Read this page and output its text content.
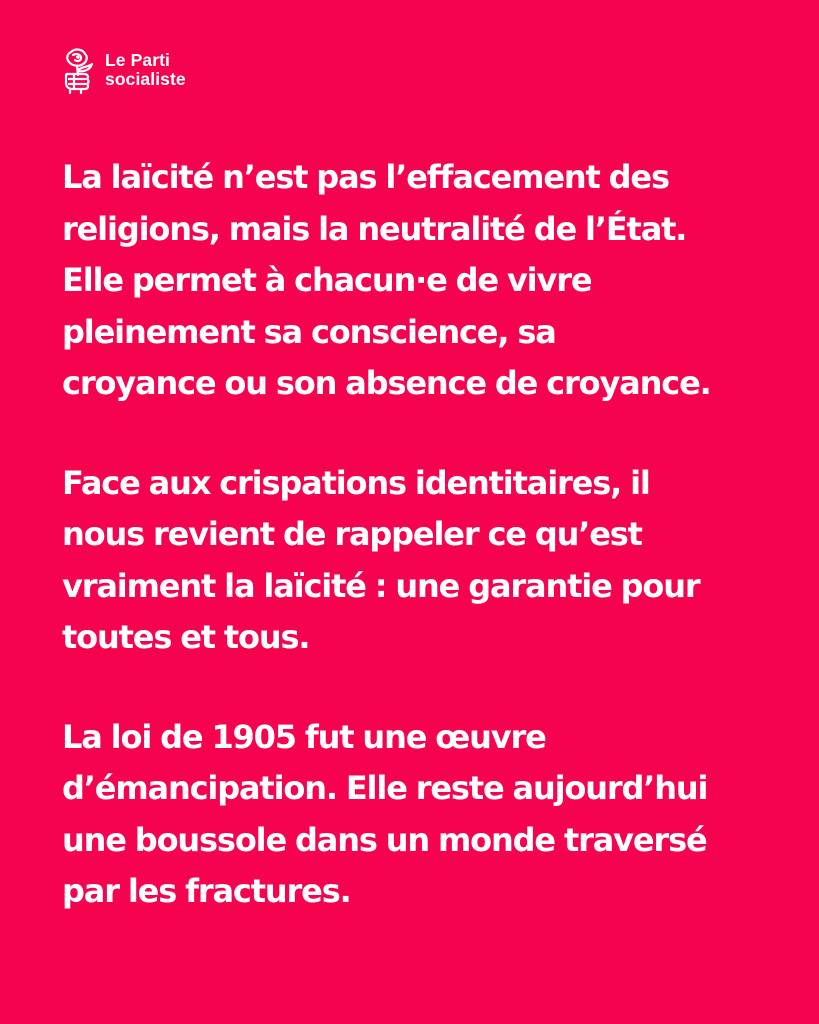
Le Parti
socialiste

La laïcité n’est pas l’effacement des
religions, mais la neutralité de l’État.
Elle permet à chacun·e de vivre
pleinement sa conscience, sa
croyance ou son absence de croyance.

Face aux crispations identitaires, il
nous revient de rappeler ce qu’est
vraiment la laïcité : une garantie pour
toutes et tous.

La loi de 1905 fut une œuvre
d’émancipation. Elle reste aujourd’hui
une boussole dans un monde traversé
par les fractures.
